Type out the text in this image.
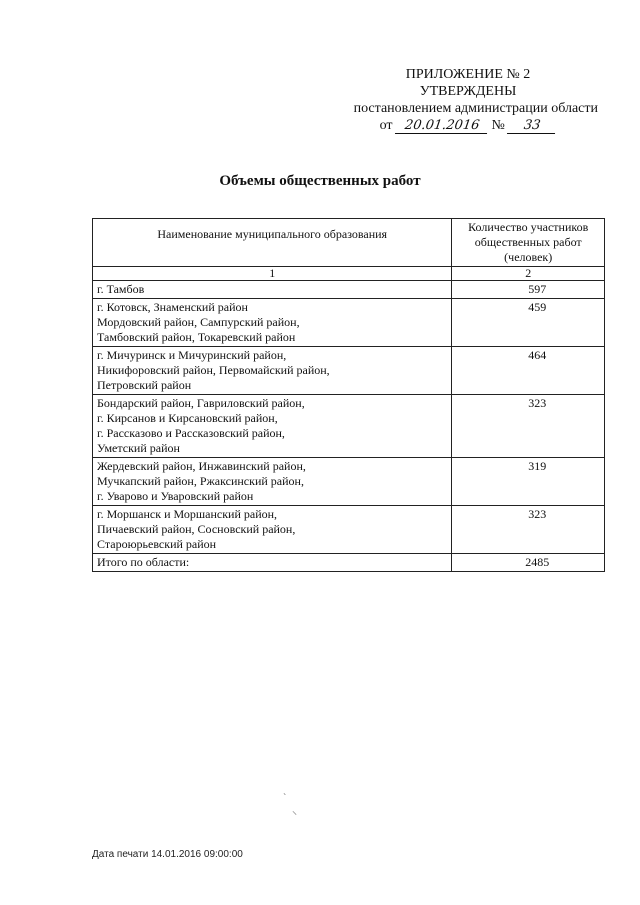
ПРИЛОЖЕНИЕ № 2
УТВЕРЖДЕНЫ
постановлением администрации области
от 20.01.2016 № 33
Объемы общественных работ
Наименование муниципального образования	Количество участников общественных работ (человек)
1	2

г. Тамбов	597

г. Котовск, Знаменский район
Мордовский район, Сампурский район,
Тамбовский район, Токаревский район	459

г. Мичуринск и Мичуринский район,
Никифоровский район, Первомайский район,
Петровский район	464

Бондарский район, Гавриловский район,
г. Кирсанов и Кирсановский район,
г. Рассказово и Рассказовский район,
Уметский район	323

Жердевский район, Инжавинский район,
Мучкапский район, Ржаксинский район,
г. Уварово и Уваровский район	319

г. Моршанск и Моршанский район,
Пичаевский район, Сосновский район,
Староюрьевский район	323
Итого по области:	2485
`
⸜
Дата печати 14.01.2016 09:00:00
